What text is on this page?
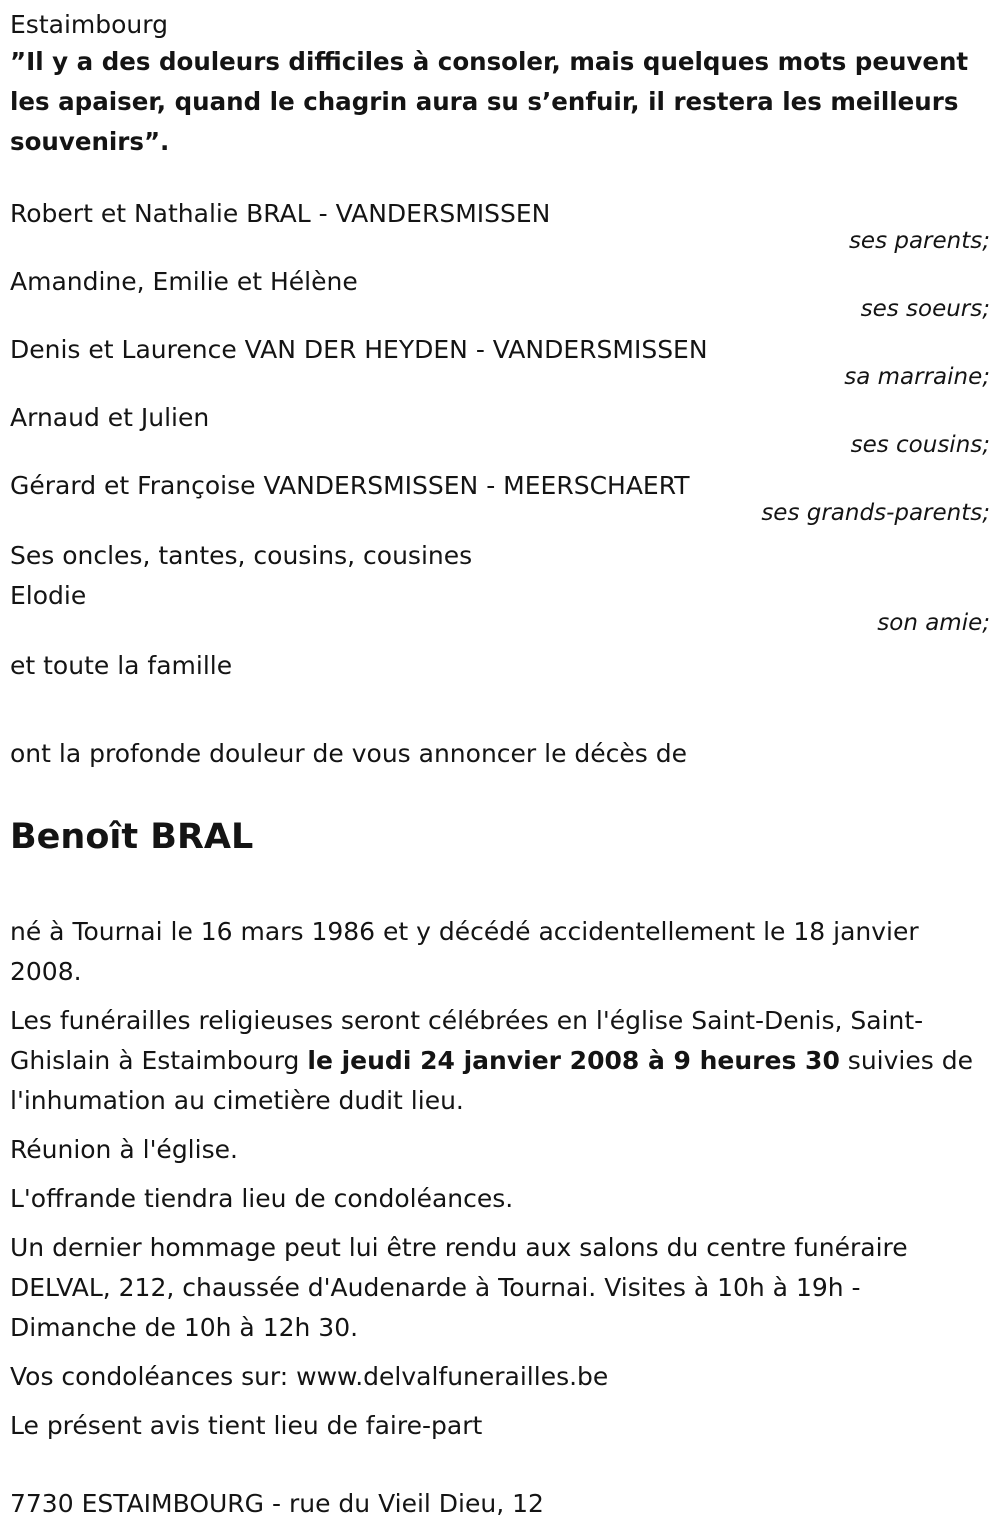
Estaimbourg

”Il y a des douleurs difficiles à consoler, mais quelques mots peuvent les apaiser, quand le chagrin aura su s’enfuir, il restera les meilleurs souvenirs”.

Robert et Nathalie BRAL - VANDERSMISSEN
ses parents;
Amandine, Emilie et Hélène
ses soeurs;
Denis et Laurence VAN DER HEYDEN - VANDERSMISSEN
sa marraine;
Arnaud et Julien
ses cousins;
Gérard et Françoise VANDERSMISSEN - MEERSCHAERT
ses grands-parents;
Ses oncles, tantes, cousins, cousines
Elodie
son amie;
et toute la famille

ont la profonde douleur de vous annoncer le décès de

Benoît BRAL

né à Tournai le 16 mars 1986 et y décédé accidentellement le 18 janvier 2008.

Les funérailles religieuses seront célébrées en l'église Saint-Denis, Saint-Ghislain à Estaimbourg le jeudi 24 janvier 2008 à 9 heures 30 suivies de l'inhumation au cimetière dudit lieu.

Réunion à l'église.

L'offrande tiendra lieu de condoléances.

Un dernier hommage peut lui être rendu aux salons du centre funéraire DELVAL, 212, chaussée d'Audenarde à Tournai. Visites à 10h à 19h - Dimanche de 10h à 12h 30.

Vos condoléances sur: www.delvalfunerailles.be

Le présent avis tient lieu de faire-part

7730 ESTAIMBOURG - rue du Vieil Dieu, 12
